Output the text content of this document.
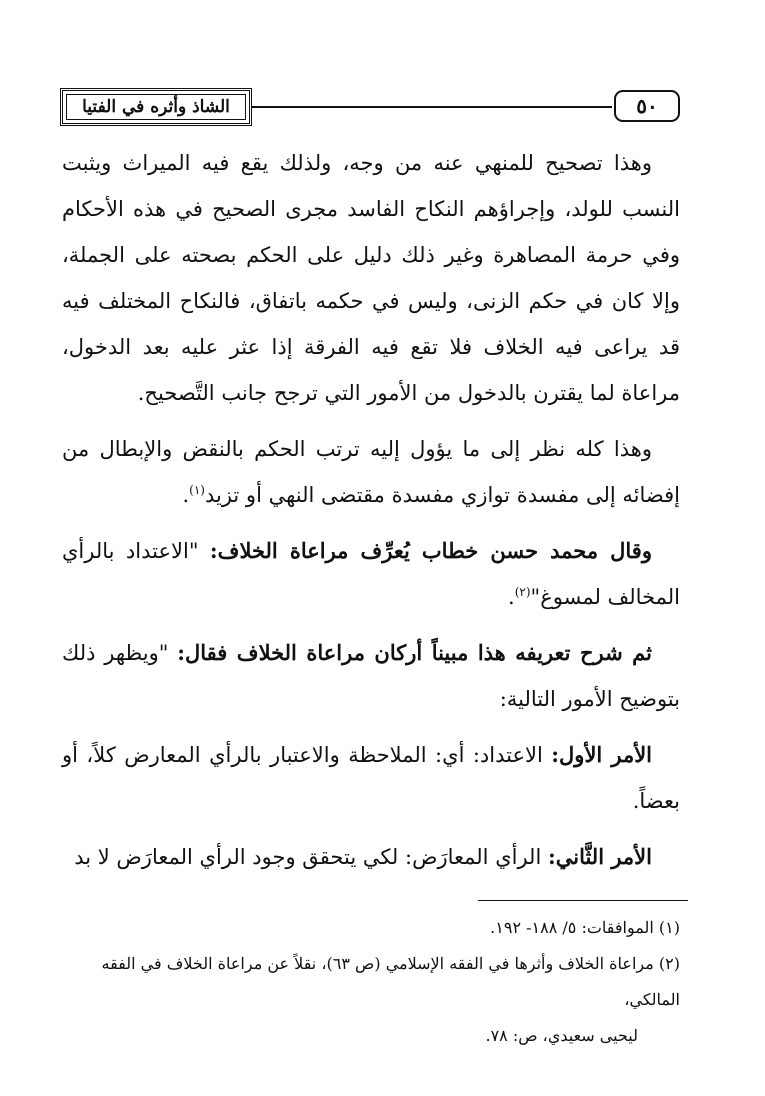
٥٠
الشاذ وأثره في الفتيا

وهذا تصحيح للمنهي عنه من وجه، ولذلك يقع فيه الميراث ويثبت النسب للولد، وإجراؤهم النكاح الفاسد مجرى الصحيح في هذه الأحكام وفي حرمة المصاهرة وغير ذلك دليل على الحكم بصحته على الجملة، وإلا كان في حكم الزنى، وليس في حكمه باتفاق، فالنكاح المختلف فيه قد يراعى فيه الخلاف فلا تقع فيه الفرقة إذا عثر عليه بعد الدخول، مراعاة لما يقترن بالدخول من الأمور التي ترجح جانب التَّصحيح.

وهذا كله نظر إلى ما يؤول إليه ترتب الحكم بالنقض والإبطال من إفضائه إلى مفسدة توازي مفسدة مقتضى النهي أو تزيد$^{(١)}$.

وقال محمد حسن خطاب يُعرِّف مراعاة الخلاف: "الاعتداد بالرأي المخالف لمسوغ"$^{(٢)}$.

ثم شرح تعريفه هذا مبيناً أركان مراعاة الخلاف فقال: "ويظهر ذلك بتوضيح الأمور التالية:

الأمر الأول: الاعتداد: أي: الملاحظة والاعتبار بالرأي المعارض كلاً، أو بعضاً.

الأمر الثَّاني: الرأي المعارَض: لكي يتحقق وجود الرأي المعارَض لا بد

(١) الموافقات: ٥/ ١٨٨- ١٩٢.

(٢) مراعاة الخلاف وأثرها في الفقه الإسلامي (ص ٦٣)، نقلاً عن مراعاة الخلاف في الفقه المالكي،

ليحيى سعيدي، ص: ٧٨.
